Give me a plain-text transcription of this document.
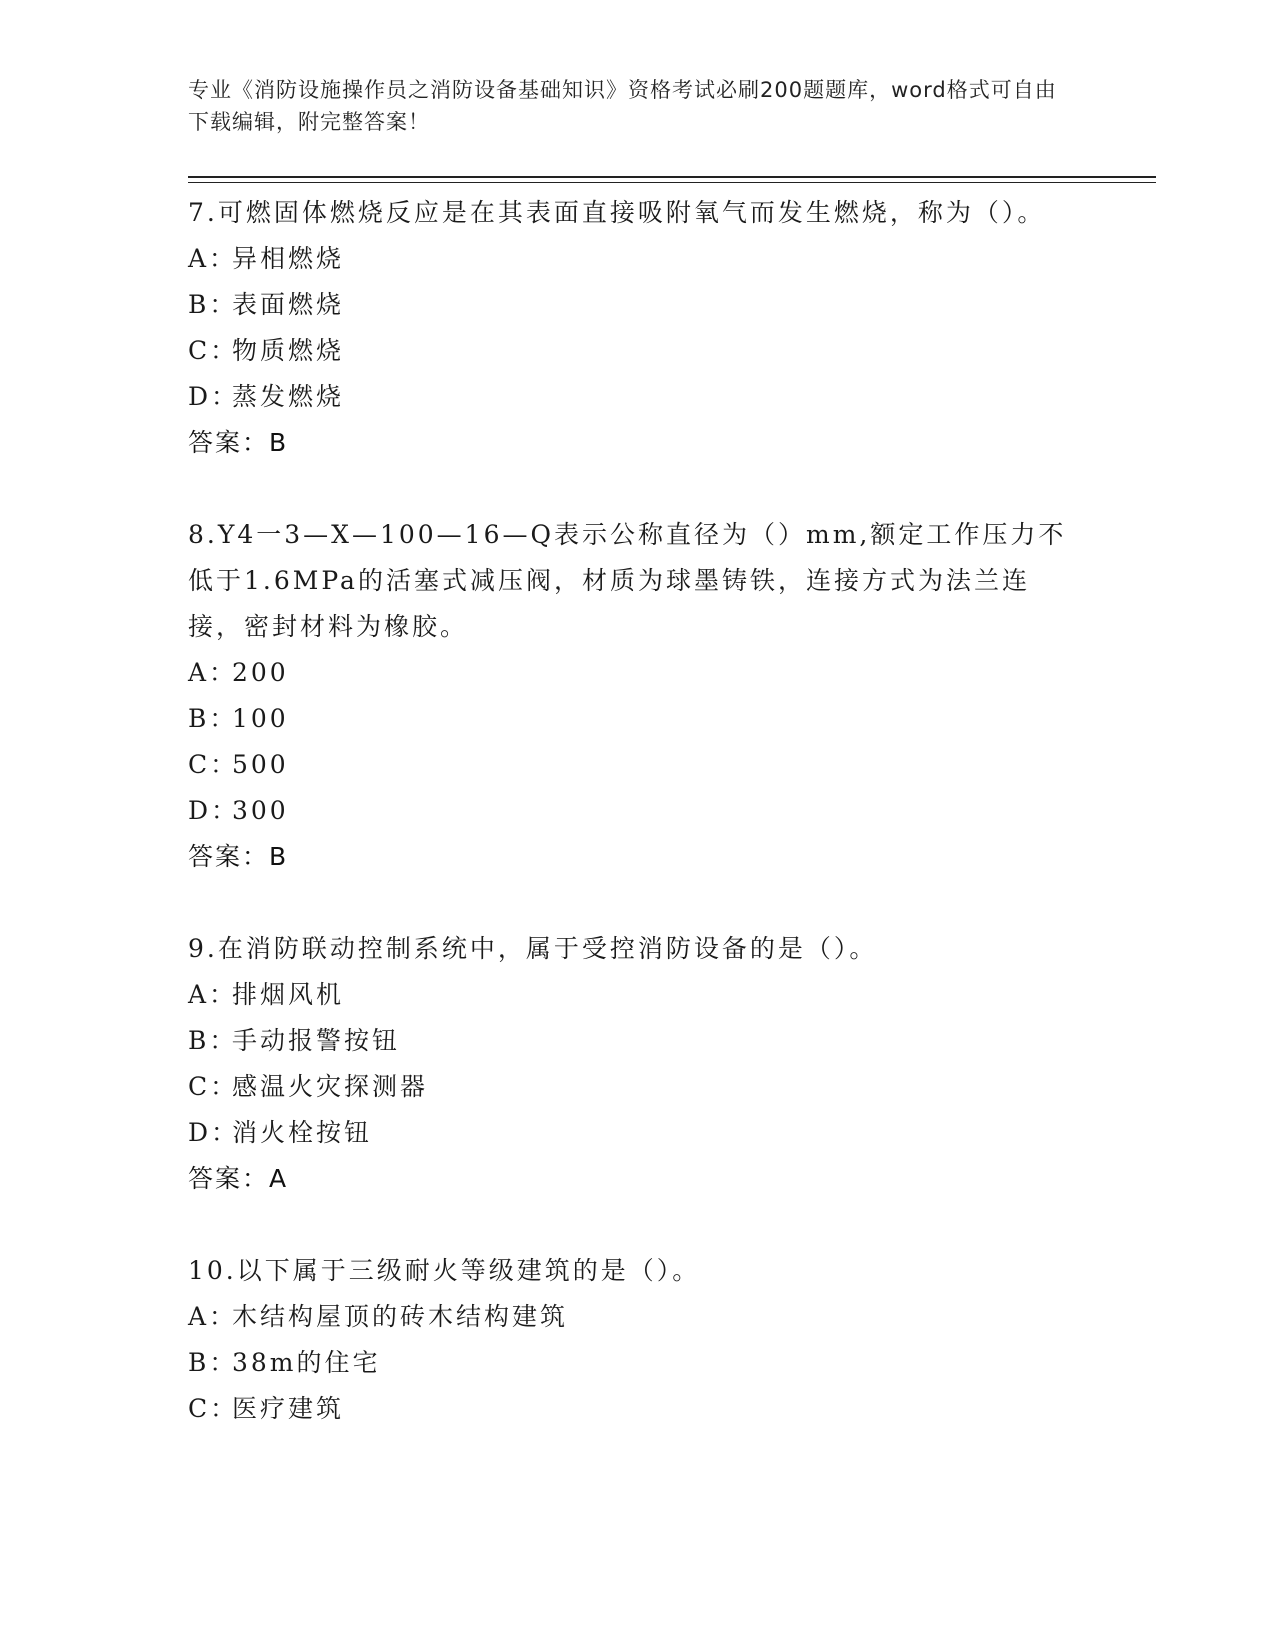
专业《消防设施操作员之消防设备基础知识》资格考试必刷200题题库，word格式可自由下载编辑，附完整答案！
7.可燃固体燃烧反应是在其表面直接吸附氧气而发生燃烧，称为（）。
A：异相燃烧
B：表面燃烧
C：物质燃烧
D：蒸发燃烧
答案：B
8.Y4一3—X—100—16—Q表示公称直径为（）mm,额定工作压力不低于1.6MPa的活塞式减压阀，材质为球墨铸铁，连接方式为法兰连接，密封材料为橡胶。
A：200
B：100
C：500
D：300
答案：B
9.在消防联动控制系统中，属于受控消防设备的是（）。
A：排烟风机
B：手动报警按钮
C：感温火灾探测器
D：消火栓按钮
答案：A
10.以下属于三级耐火等级建筑的是（）。
A：木结构屋顶的砖木结构建筑
B：38m的住宅
C：医疗建筑
